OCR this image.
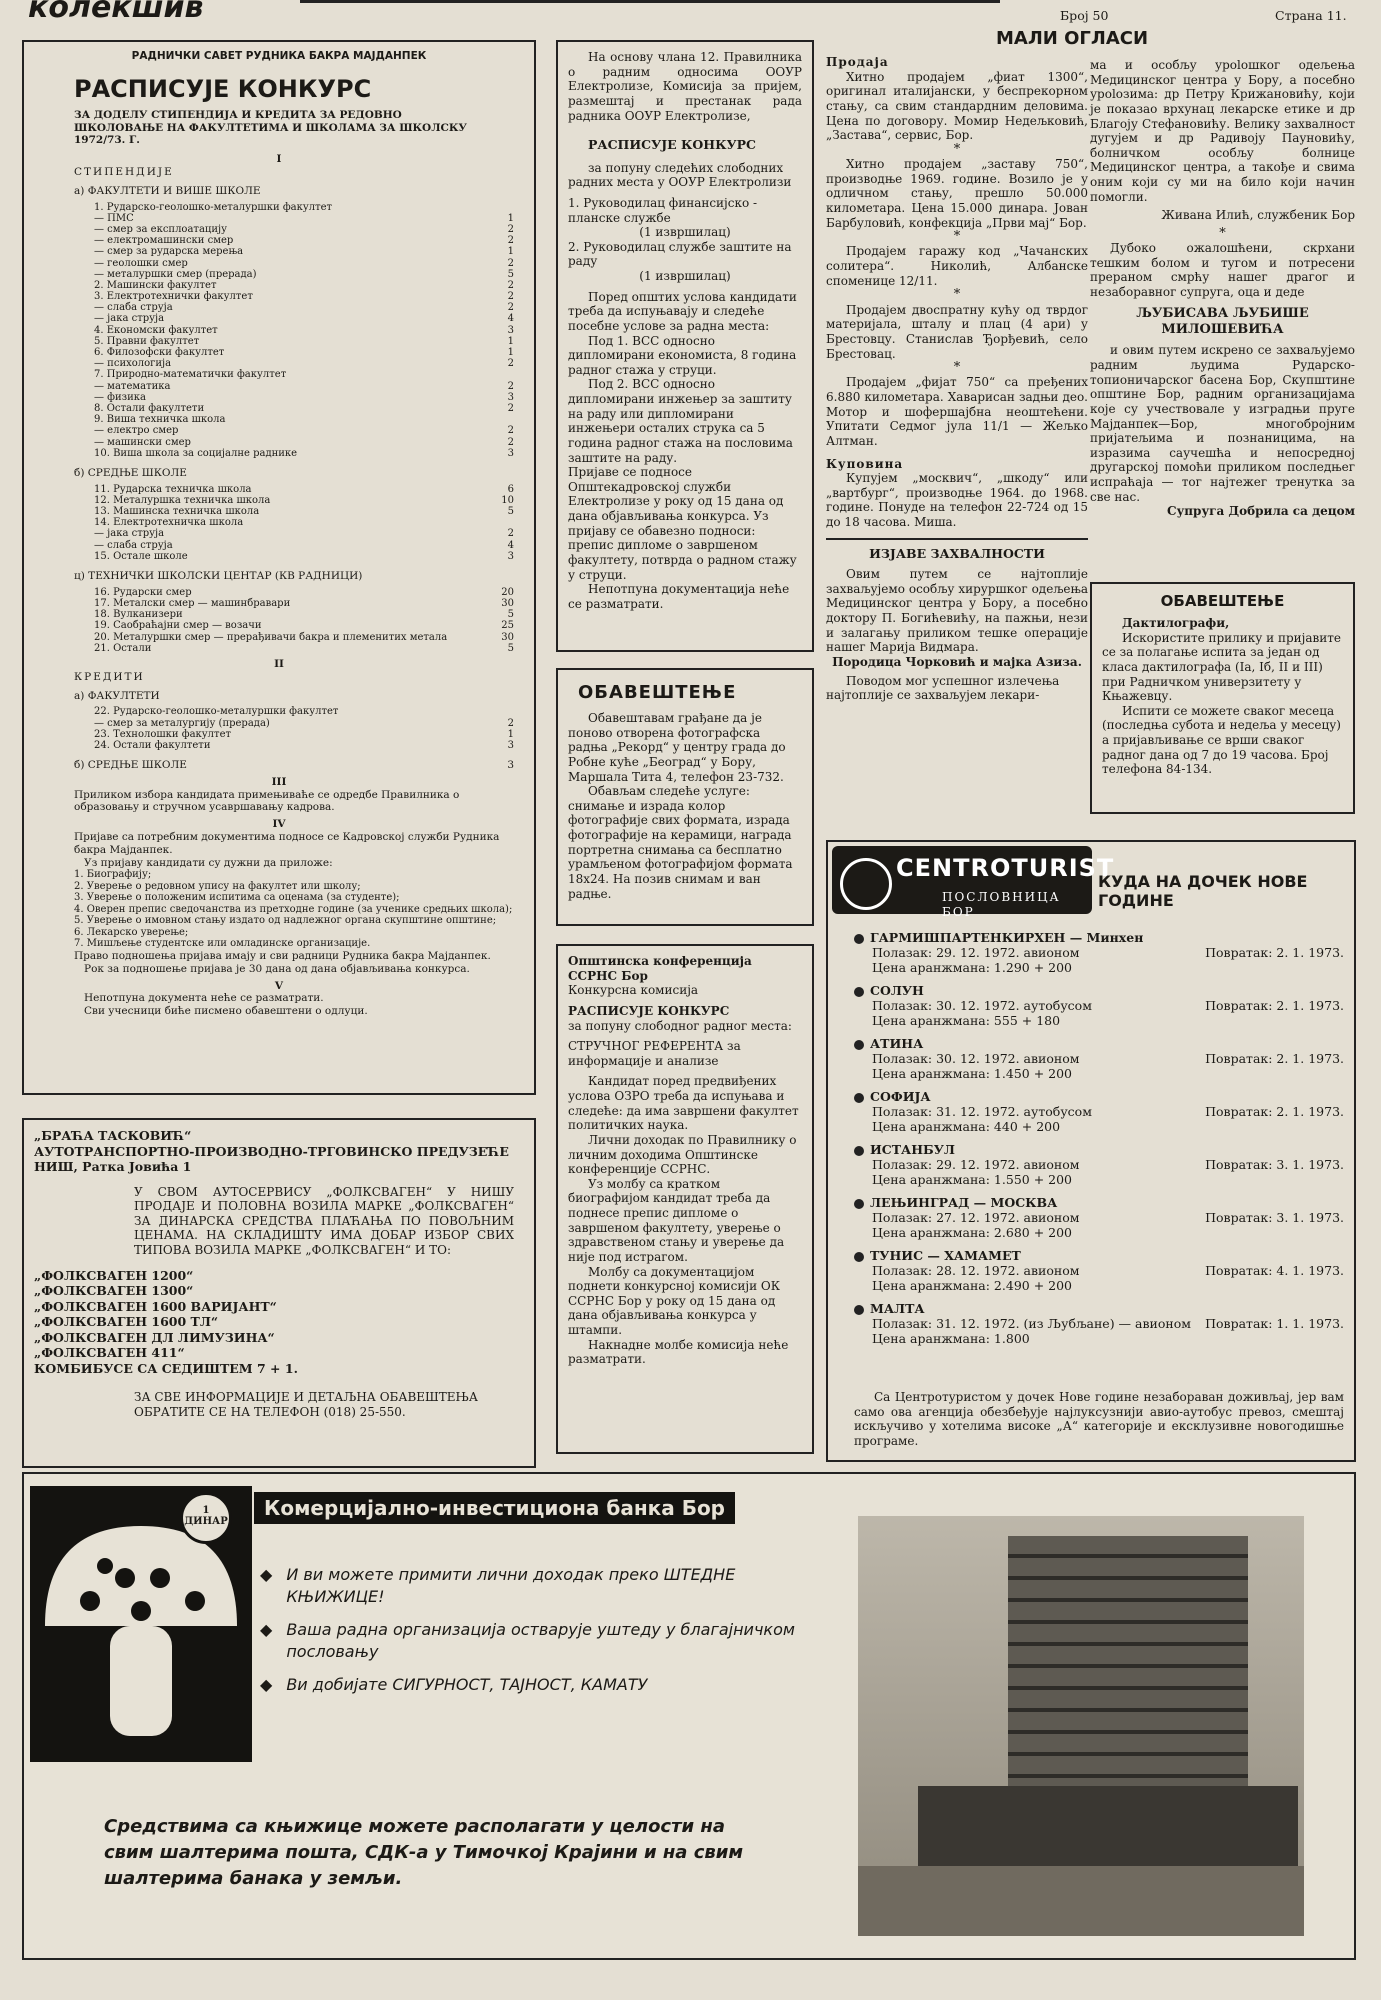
колекшив	Број 50	Страна 11.
РАДНИЧКИ САВЕТ РУДНИКА БАКРА МАЈДАНПЕК
РАСПИСУЈЕ КОНКУРС
ЗА ДОДЕЛУ СТИПЕНДИЈА И КРЕДИТА ЗА РЕДОВНО ШКОЛОВАЊЕ НА ФАКУЛТЕТИМА И ШКОЛАМА ЗА ШКОЛСКУ 1972/73. Г.
I
СТИПЕНДИЈЕ
а) ФАКУЛТЕТИ И ВИШЕ ШКОЛЕ
1. Рударско-геолошко-металуршки факултет
— ПМС	1
— смер за експлоатацију	2
— електромашински смер	2
— смер за рударска мерења	1
— геолошки смер	2
— металуршки смер (прерада)	5
2. Машински факултет	2
3. Електротехнички факултет	2
— слаба струја	2
— јака струја	4
4. Економски факултет	3
5. Правни факултет	1
6. Филозофски факултет	1
— психологија	2
7. Природно-математички факултет
— математика	2
— физика	3
8. Остали факултети	2
9. Виша техничка школа
— електро смер	2
— машински смер	2
10. Виша школа за социјалне раднике	3
б) СРЕДЊЕ ШКОЛЕ
11. Рударска техничка школа	6
12. Металуршка техничка школа	10
13. Машинска техничка школа	5
14. Електротехничка школа
— јака струја	2
— слаба струја	4
15. Остале школе	3
ц) ТЕХНИЧКИ ШКОЛСКИ ЦЕНТАР (КВ РАДНИЦИ)
16. Рударски смер	20
17. Металски смер — машинбравари	30
18. Вулканизери	5
19. Саобраћајни смер — возачи	25
20. Металуршки смер — прерађивачи бакра и племенитих метала	30
21. Остали	5
II
КРЕДИТИ
а) ФАКУЛТЕТИ
22. Рударско-геолошко-металуршки факултет
— смер за металургију (прерада)	2
23. Технолошки факултет	1
24. Остали факултети	3
б) СРЕДЊЕ ШКОЛЕ	3
III
Приликом избора кандидата примењиваће се одредбе Правилника о образовању и стручном усавршавању кадрова.
IV
Пријаве са потребним документима подносе се Кадровској служби Рудника бакра Мајданпек.
Уз пријаву кандидати су дужни да приложе:
1. Биографију;
2. Уверење о редовном упису на факултет или школу;
3. Уверење о положеним испитима са оценама (за студенте);
4. Оверен препис сведочанства из претходне године (за ученике средњих школа);
5. Уверење о имовном стању издато од надлежног органа скупштине општине;
6. Лекарско уверење;
7. Мишљење студентске или омладинске организације.
Право подношења пријава имају и сви радници Рудника бакра Мајданпек.
Рок за подношење пријава је 30 дана од дана објављивања конкурса.
V
Непотпуна документа неће се разматрати.
Сви учесници биће писмено обавештени о одлуци.
„БРАЋА ТАСКОВИЋ“
АУТОТРАНСПОРТНО-ПРОИЗВОДНО-ТРГОВИНСКО ПРЕДУЗЕЋЕ
НИШ, Ратка Јовића 1
У СВОМ АУТОСЕРВИСУ „ФОЛКСВАГЕН“ У НИШУ ПРОДАЈЕ И ПОЛОВНА ВОЗИЛА МАРКЕ „ФОЛКСВАГЕН“ ЗА ДИНАРСКА СРЕДСТВА ПЛАЋАЊА ПО ПОВОЉНИМ ЦЕНАМА. НА СКЛАДИШТУ ИМА ДОБАР ИЗБОР СВИХ ТИПОВА ВОЗИЛА МАРКЕ „ФОЛКСВАГЕН“ И ТО:
„ФОЛКСВАГЕН 1200“
„ФОЛКСВАГЕН 1300“
„ФОЛКСВАГЕН 1600 ВАРИЈАНТ“
„ФОЛКСВАГЕН 1600 ТЛ“
„ФОЛКСВАГЕН ДЛ ЛИМУЗИНА“
„ФОЛКСВАГЕН 411“
КОМБИБУСЕ СА СЕДИШТЕМ 7 + 1.
ЗА СВЕ ИНФОРМАЦИЈЕ И ДЕТАЉНА ОБАВЕШТЕЊА ОБРАТИТЕ СЕ НА ТЕЛЕФОН (018) 25-550.
На основу члана 12. Правилника о радним односима ООУР Електролизе, Комисија за пријем, размештај и престанак рада радника ООУР Електролизе,
РАСПИСУЈЕ КОНКУРС
за попуну следећих слободних радних места у ООУР Електролизи
1. Руководилац финансијско - планске службе
(1 извршилац)
2. Руководилац службе заштите на раду
(1 извршилац)
Поред општих услова кандидати треба да испуњавају и следеће посебне услове за радна места:
Под 1. ВСС односно дипломирани економиста, 8 година радног стажа у струци.
Под 2. ВСС односно дипломирани инжењер за заштиту на раду или дипломирани инжењери осталих струка са 5 година радног стажа на пословима заштите на раду.
Пријаве се подносе Општекадровској служби Електролизе у року од 15 дана од дана објављивања конкурса. Уз пријаву се обавезно подноси: препис дипломе о завршеном факултету, потврда о радном стажу у струци.
Непотпуна документација неће се разматрати.
ОБАВЕШТЕЊЕ
Обавештавам грађане да је поново отворена фотографска радња „Рекорд“ у центру града до Робне куће „Београд“ у Бору, Маршала Тита 4, телефон 23-732.
Обављам следеће услуге: снимање и израда колор фотографије свих формата, израда фотографије на керамици, награда портретна снимања са бесплатно урамљеном фотографијом формата 18x24. На позив снимам и ван радње.
Општинска конференција ССРНС Бор
Конкурсна комисија
РАСПИСУЈЕ КОНКУРС
за попуну слободног радног места:
СТРУЧНОГ РЕФЕРЕНТА за информације и анализе
Кандидат поред предвиђених услова ОЗРО треба да испуњава и следеће: да има завршени факултет политичких наука.
Лични доходак по Правилнику о личним доходима Општинске конференције ССРНС.
Уз молбу са кратком биографијом кандидат треба да поднесе препис дипломе о завршеном факултету, уверење о здравственом стању и уверење да није под истрагом.
Молбу са документацијом поднети конкурсној комисији ОК ССРНС Бор у року од 15 дана од дана објављивања конкурса у штампи.
Накнадне молбе комисија неће разматрати.
МАЛИ ОГЛАСИ
Продаја
Хитно продајем „фиат 1300“, оригинал италијански, у беспрекорном стању, са свим стандардним деловима. Цена по договору. Момир Недељковић, „Застава“, сервис, Бор.
*
Хитно продајем „заставу 750“, производње 1969. године. Возило је у одличном стању, прешло 50.000 километара. Цена 15.000 динара. Јован Барбуловић, конфекција „Први мај“ Бор.
*
Продајем гаражу код „Чачанских солитера“. Николић, Албанске споменице 12/11.
*
Продајем двоспратну кућу од тврдог материјала, шталу и плац (4 ари) у Брестовцу. Станислав Ђорђевић, село Брестовац.
*
Продајем „фијат 750“ са пређених 6.880 километара. Хаварисан задњи део. Мотор и шофершајбна неоштећени. Упитати Седмог јула 11/1 — Жељко Алтман.
Куповина
Купујем „москвич“, „шкоду“ или „вартбург“, производње 1964. до 1968. године. Понуде на телефон 22-724 од 15 до 18 часова. Миша.
ИЗЈАВЕ ЗАХВАЛНОСТИ
Овим путем се најтоплије захваљујемо особљу хируршког одељења Медицинског центра у Бору, а посебно доктору П. Богићевићу, на пажњи, нези и залагању приликом тешке операције нашег Марија Видмара.
Породица Чорковић и мајка Азиза.
Поводом мог успешног излечења најтоплије се захваљујем лекари-
ма и особљу урolошког одељења Медицинског центра у Бору, а посебно урolозима: др Петру Крижановићу, који је показао врхунац лекарске етике и др Благоју Стефановићу. Велику захвалност дугујем и др Радивоју Пауновићу, болничком особљу болнице Медицинског центра, а такође и свима оним који су ми на било који начин помогли.
Живана Илић, службеник Бор
*
Дубоко ожалошћени, скрхани тешким болом и тугом и потресени прераном смрћу нашег драгог и незаборавног супруга, оца и деде
ЉУБИСАВА ЉУБИШЕ МИЛОШЕВИЋА
и овим путем искрено се захваљујемо радним људима Рударско-топионичарског басена Бор, Скупштине општине Бор, радним организацијама које су учествовале у изградњи пруге Мајданпек—Бор, многобројним пријатељима и познаницима, на изразима саучешћа и непосредној другарској помоћи приликом последњег испраћаја — тог најтежег тренутка за све нас.
Супруга Добрила са децом
ОБАВЕШТЕЊЕ
Дактилографи,
Искористите прилику и пријавите се за полагање испита за један од класа дактилографа (Ia, Iб, II и III) при Радничком универзитету у Књажевцу.
Испити се можете сваког месеца (последња субота и недеља у месецу) а пријављивање се врши сваког радног дана од 7 до 19 часова. Број телефона 84-134.
CENTROTURIST
ПОСЛОВНИЦА БОР
КУДА НА ДОЧЕК НОВЕ ГОДИНЕ
ГАРМИШПАРТЕНКИРХЕН — Минхен
Полазак: 29. 12. 1972. авионом	Повратак: 2. 1. 1973.
Цена аранжмана: 1.290 + 200
СОЛУН
Полазак: 30. 12. 1972. аутобусом	Повратак: 2. 1. 1973.
Цена аранжмана: 555 + 180
АТИНА
Полазак: 30. 12. 1972. авионом	Повратак: 2. 1. 1973.
Цена аранжмана: 1.450 + 200
СОФИЈА
Полазак: 31. 12. 1972. аутобусом	Повратак: 2. 1. 1973.
Цена аранжмана: 440 + 200
ИСТАНБУЛ
Полазак: 29. 12. 1972. авионом	Повратак: 3. 1. 1973.
Цена аранжмана: 1.550 + 200
ЛЕЊИНГРАД — МОСКВА
Полазак: 27. 12. 1972. авионом	Повратак: 3. 1. 1973.
Цена аранжмана: 2.680 + 200
ТУНИС — ХАМАМЕТ
Полазак: 28. 12. 1972. авионом	Повратак: 4. 1. 1973.
Цена аранжмана: 2.490 + 200
МАЛТА
Полазак: 31. 12. 1972. (из Љубљане) — авионом Повратак: 1. 1. 1973.
Цена аранжмана: 1.800
Са Центротуристом у дочек Нове године незабораван доживљај, јер вам само ова агенција обезбеђује најлуксузнији авио-аутобус превоз, смештај искључиво у хотелима високе „А“ категорије и ексклузивне новогодишње програме.
1 ДИНАР
Комерцијално-инвестициона банка Бор
◆ И ви можете примити лични доходак преко ШТЕДНЕ КЊИЖИЦЕ!
◆ Ваша радна организација остварује уштеду у благајничком пословању
◆ Ви добијате СИГУРНОСТ, ТАЈНОСТ, КАМАТУ
Средствима са књижице можете располагати у целости на свим шалтерима пошта, СДК-а у Тимочкој Крајини и на свим шалтерима банака у земљи.
